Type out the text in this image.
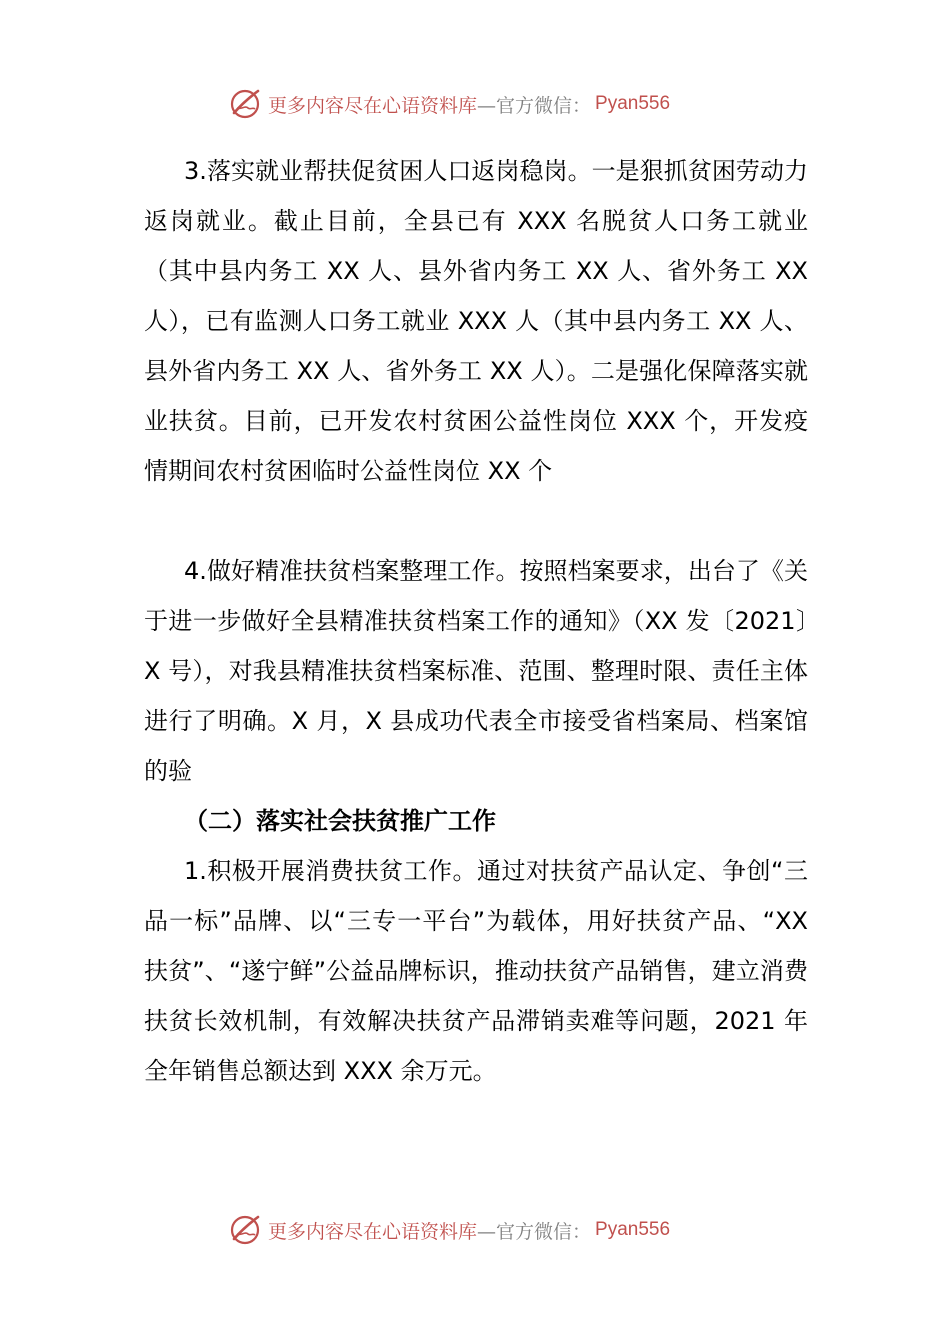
更多内容尽在心语资料库 —官方微信： Pyan556

3.落实就业帮扶促贫困人口返岗稳岗。一是狠抓贫困劳动力返岗就业。截止目前，全县已有 XXX 名脱贫人口务工就业（其中县内务工 XX 人、县外省内务工 XX 人、省外务工 XX 人），已有监测人口务工就业 XXX 人（其中县内务工 XX 人、县外省内务工 XX 人、省外务工 XX 人）。二是强化保障落实就业扶贫。目前，已开发农村贫困公益性岗位 XXX 个，开发疫情期间农村贫困临时公益性岗位 XX 个

4.做好精准扶贫档案整理工作。按照档案要求，出台了《关于进一步做好全县精准扶贫档案工作的通知》（XX 发〔2021〕X 号），对我县精准扶贫档案标准、范围、整理时限、责任主体进行了明确。X 月，X 县成功代表全市接受省档案局、档案馆的验

（二）落实社会扶贫推广工作

1.积极开展消费扶贫工作。通过对扶贫产品认定、争创“三品一标”品牌、以“三专一平台”为载体，用好扶贫产品、“XX 扶贫”、“遂宁鲜”公益品牌标识，推动扶贫产品销售，建立消费扶贫长效机制，有效解决扶贫产品滞销卖难等问题，2021 年全年销售总额达到 XXX 余万元。

更多内容尽在心语资料库 —官方微信： Pyan556
